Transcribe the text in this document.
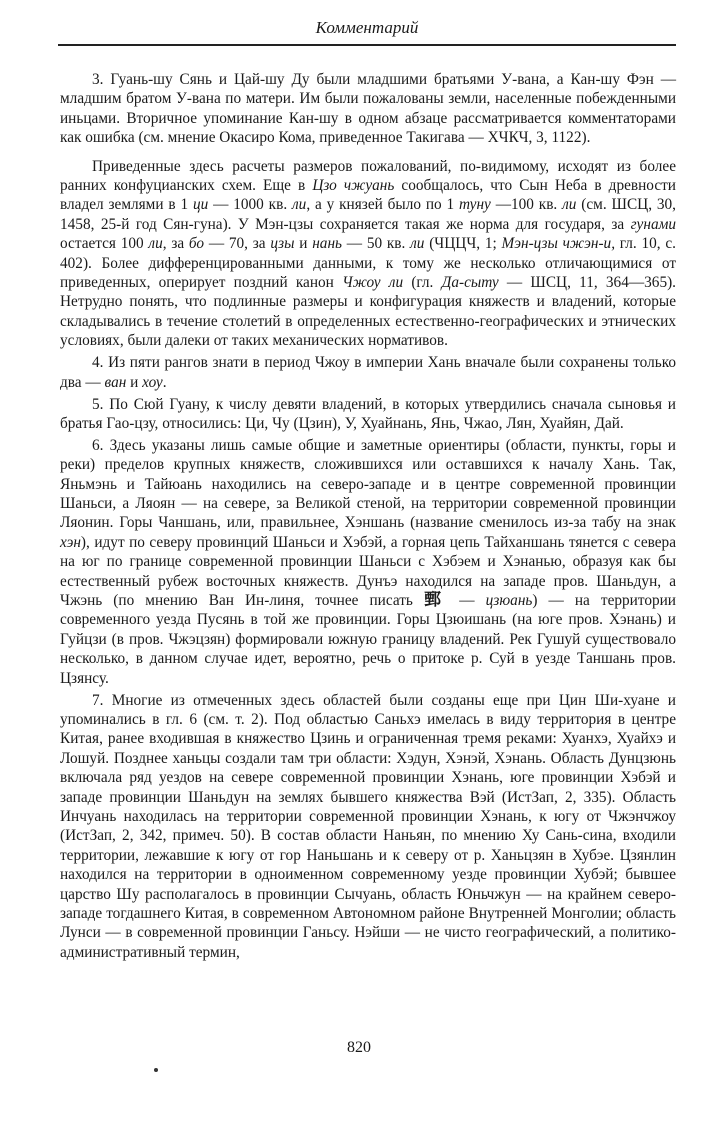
Комментарий

3. Гуань-шу Сянь и Цай-шу Ду были младшими братьями У-вана, а Кан-шу Фэн — младшим братом У-вана по матери. Им были пожалованы земли, населенные побежденными иньцами. Вторичное упоминание Кан-шу в одном абзаце рассматривается комментаторами как ошибка (см. мнение Окасиро Кома, приведенное Такигава — ХЧКЧ, 3, 1122).

Приведенные здесь расчеты размеров пожалований, по-видимому, исходят из более ранних конфуцианских схем. Еще в Цзо чжуань сообщалось, что Сын Неба в древности владел землями в 1 ци — 1000 кв. ли, а у князей было по 1 туну —100 кв. ли (см. ШСЦ, 30, 1458, 25-й год Сян-гуна). У Мэн-цзы сохраняется такая же норма для государя, за гунами остается 100 ли, за бо — 70, за цзы и нань — 50 кв. ли (ЧЦЦЧ, 1; Мэн-цзы чжэн-и, гл. 10, с. 402). Более дифференцированными данными, к тому же несколько отличающимися от приведенных, оперирует поздний канон Чжоу ли (гл. Да-сыту — ШСЦ, 11, 364—365). Нетрудно понять, что подлинные размеры и конфигурация княжеств и владений, которые складывались в течение столетий в определенных естественно-географических и этнических условиях, были далеки от таких механических нормативов.

4. Из пяти рангов знати в период Чжоу в империи Хань вначале были сохранены только два — ван и хоу.

5. По Сюй Гуану, к числу девяти владений, в которых утвердились сначала сыновья и братья Гао-цзу, относились: Ци, Чу (Цзин), У, Хуайнань, Янь, Чжао, Лян, Хуайян, Дай.

6. Здесь указаны лишь самые общие и заметные ориентиры (области, пункты, горы и реки) пределов крупных княжеств, сложившихся или оставшихся к началу Хань. Так, Яньмэнь и Тайюань находились на северо-западе и в центре современной провинции Шаньси, а Ляоян — на севере, за Великой стеной, на территории современной провинции Ляонин. Горы Чаншань, или, правильнее, Хэншань (название сменилось из-за табу на знак хэн), идут по северу провинций Шаньси и Хэбэй, а горная цепь Тайханшань тянется с севера на юг по границе современной провинции Шаньси с Хэбэем и Хэнанью, образуя как бы естественный рубеж восточных княжеств. Дунъэ находился на западе пров. Шаньдун, а Чжэнь (по мнению Ван Ин-линя, точнее писать 鄄 — цзюань) — на территории современного уезда Пусянь в той же провинции. Горы Цзюишань (на юге пров. Хэнань) и Гуйцзи (в пров. Чжэцзян) формировали южную границу владений. Рек Гушуй существовало несколько, в данном случае идет, вероятно, речь о притоке р. Суй в уезде Таншань пров. Цзянсу.

7. Многие из отмеченных здесь областей были созданы еще при Цин Ши-хуане и упоминались в гл. 6 (см. т. 2). Под областью Саньхэ имелась в виду территория в центре Китая, ранее входившая в княжество Цзинь и ограниченная тремя реками: Хуанхэ, Хуайхэ и Лошуй. Позднее ханьцы создали там три области: Хэдун, Хэнэй, Хэнань. Область Дунцзюнь включала ряд уездов на севере современной провинции Хэнань, юге провинции Хэбэй и западе провинции Шаньдун на землях бывшего княжества Вэй (ИстЗап, 2, 335). Область Инчуань находилась на территории современной провинции Хэнань, к югу от Чжэнчжоу (ИстЗап, 2, 342, примеч. 50). В состав области Наньян, по мнению Ху Сань-сина, входили территории, лежавшие к югу от гор Наньшань и к северу от р. Ханьцзян в Хубэе. Цзянлин находился на территории в одноименном современному уезде провинции Хубэй; бывшее царство Шу располагалось в провинции Сычуань, область Юньчжун — на крайнем северо-западе тогдашнего Китая, в современном Автономном районе Внутренней Монголии; область Лунси — в современной провинции Ганьсу. Нэйши — не чисто географический, а политико-административный термин,

820
